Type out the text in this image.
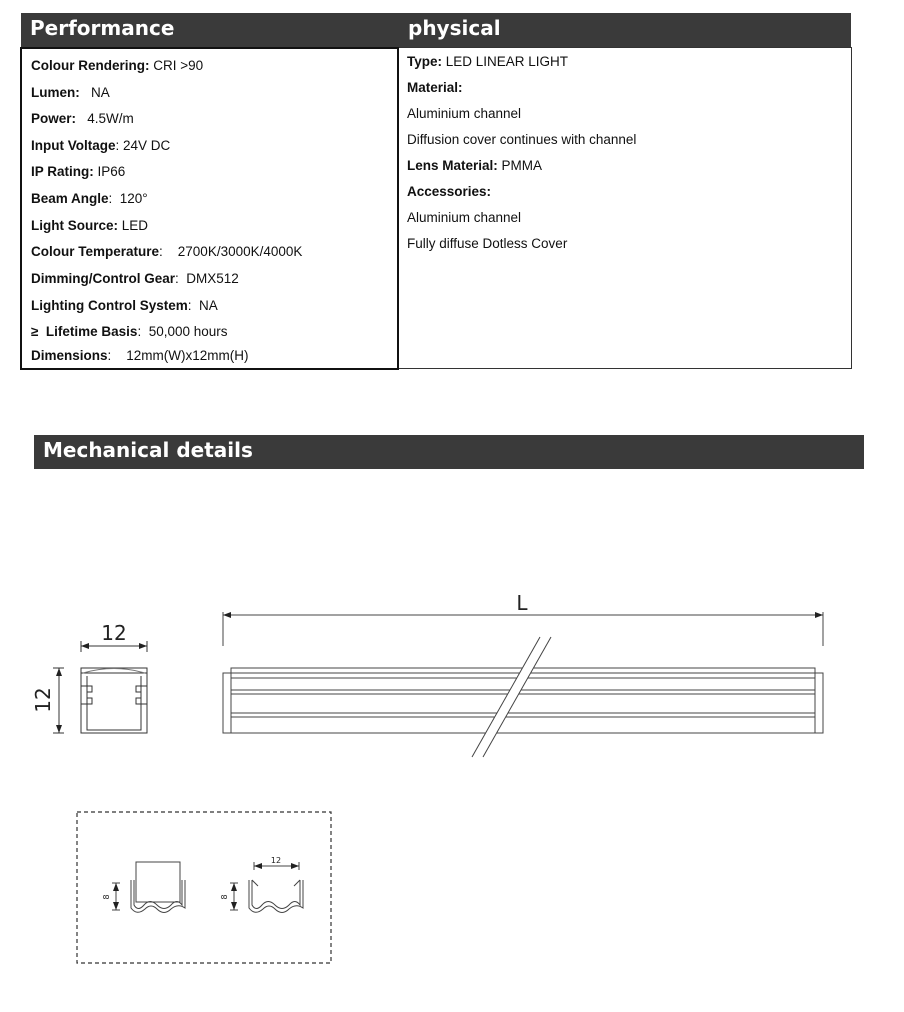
Performance	physical
Colour Rendering: CRI >90
Lumen:   NA
Power:   4.5W/m
Input Voltage: 24V DC
IP Rating: IP66
Beam Angle:  120°
Light Source: LED
Colour Temperature:    2700K/3000K/4000K
Dimming/Control Gear:  DMX512
Lighting Control System:  NA
≥  Lifetime Basis:  50,000 hours
Dimensions:    12mm(W)x12mm(H)
Type: LED LINEAR LIGHT
Material:
Aluminium channel
Diffusion cover continues with channel
Lens Material: PMMA
Accessories:
Aluminium channel
Fully diffuse Dotless Cover
Mechanical details
12
12
L
8
12
8
